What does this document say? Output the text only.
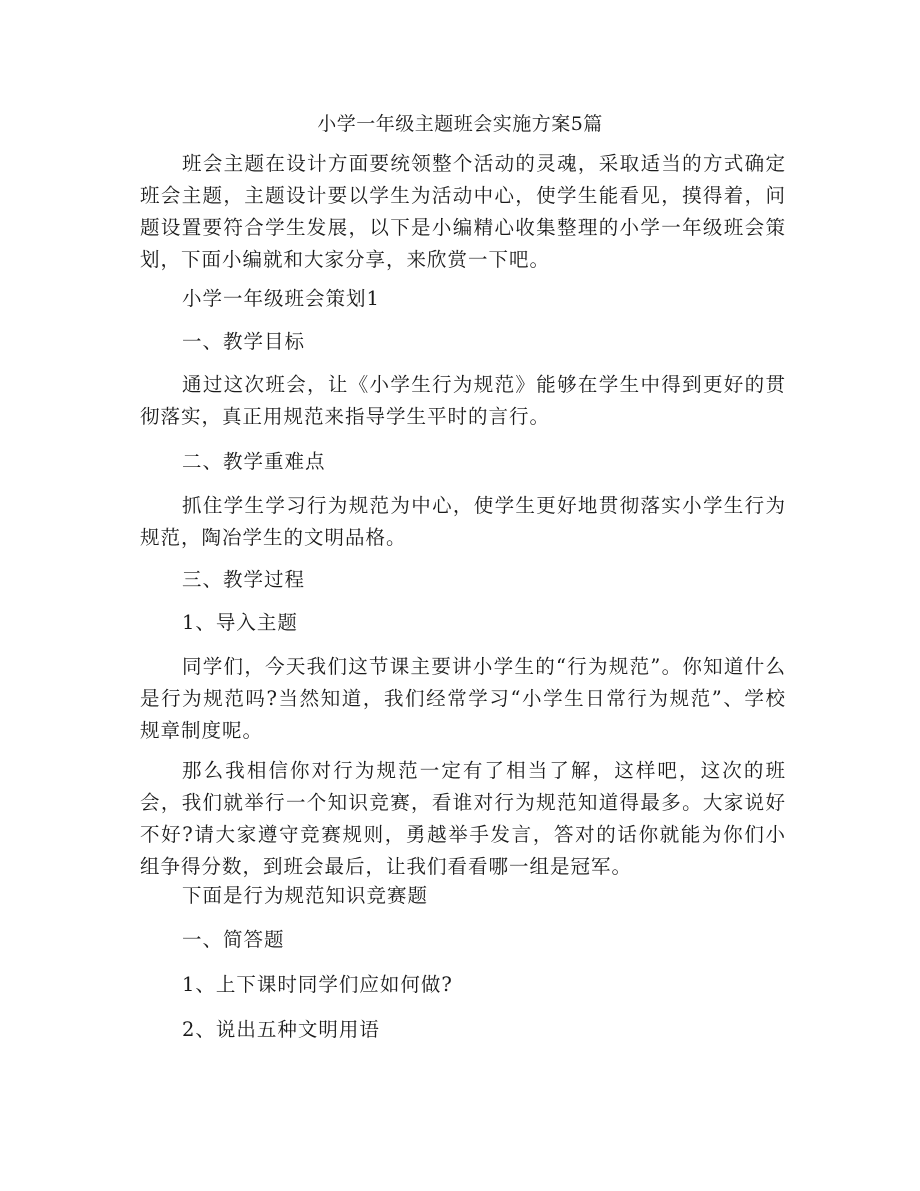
小学一年级主题班会实施方案5篇

班会主题在设计方面要统领整个活动的灵魂，采取适当的方式确定班会主题，主题设计要以学生为活动中心，使学生能看见，摸得着，问题设置要符合学生发展，以下是小编精心收集整理的小学一年级班会策划，下面小编就和大家分享，来欣赏一下吧。

小学一年级班会策划1

一、教学目标

通过这次班会，让《小学生行为规范》能够在学生中得到更好的贯彻落实，真正用规范来指导学生平时的言行。

二、教学重难点

抓住学生学习行为规范为中心，使学生更好地贯彻落实小学生行为规范，陶冶学生的文明品格。

三、教学过程

1、导入主题

同学们，今天我们这节课主要讲小学生的“行为规范”。你知道什么是行为规范吗?当然知道，我们经常学习“小学生日常行为规范”、学校规章制度呢。

那么我相信你对行为规范一定有了相当了解，这样吧，这次的班会，我们就举行一个知识竞赛，看谁对行为规范知道得最多。大家说好不好?请大家遵守竞赛规则，勇越举手发言，答对的话你就能为你们小组争得分数，到班会最后，让我们看看哪一组是冠军。

下面是行为规范知识竞赛题

一、简答题

1、上下课时同学们应如何做?

2、说出五种文明用语
